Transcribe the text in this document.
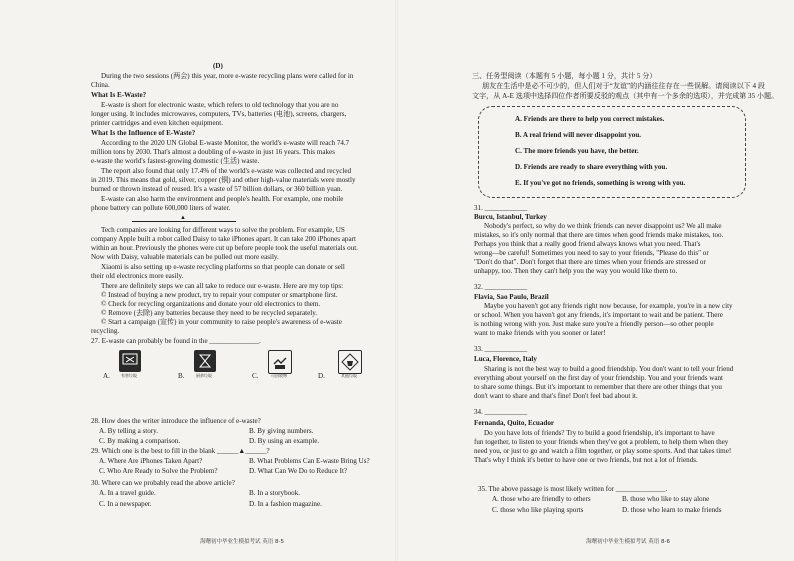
(D)
During the two sessions (两会) this year, more e-waste recycling plans were called for in
China.
What Is E-Waste?
E-waste is short for electronic waste, which refers to old technology that you are no
longer using. It includes microwaves, computers, TVs, batteries (电池), screens, chargers,
printer cartridges and even kitchen equipment.
What Is the Influence of E-Waste?
According to the 2020 UN Global E-waste Monitor, the world's e-waste will reach 74.7
million tons by 2030. That's almost a doubling of e-waste in just 16 years. This makes
e-waste the world's fastest-growing domestic (生活) waste.
The report also found that only 17.4% of the world's e-waste was collected and recycled
in 2019. This means that gold, silver, copper (铜) and other high-value materials were mostly
burned or thrown instead of reused. It's a waste of 57 billion dollars, or 360 billion yuan.
E-waste can also harm the environment and people's health. For example, one mobile
phone battery can pollute 600,000 liters of water.
▲
Tech companies are looking for different ways to solve the problem. For example, US
company Apple built a robot called Daisy to take iPhones apart. It can take 200 iPhones apart
within an hour. Previously the phones were cut up before people took the useful materials out.
Now with Daisy, valuable materials can be pulled out more easily.
Xiaomi is also setting up e-waste recycling platforms so that people can donate or sell
their old electronics more easily.
There are definitely steps we can all take to reduce our e-waste. Here are my top tips:
© Instead of buying a new product, try to repair your computer or smartphone first.
© Check for recycling organizations and donate your old electronics to them.
© Remove (去除) any batteries because they need to be recycled separately.
© Start a campaign (宣传) in your community to raise people's awareness of e-waste
recycling.
27. E-waste can probably be found in the ______________.
A.	有害垃圾	B.	厨余垃圾	C.	可回收物	D.	其他垃圾
28. How does the writer introduce the influence of e-waste?
A. By telling a story.	B. By giving numbers.
C. By making a comparison.	D. By using an example.
29. Which one is the best to fill in the blank ______▲______?
A. Where Are iPhones Taken Apart?	B. What Problems Can E-waste Bring Us?
C. Who Are Ready to Solve the Problem?	D. What Can We Do to Reduce It?
30. Where can we probably read the above article?
A. In a travel guide.	B. In a storybook.
C. In a newspaper.	D. In a fashion magazine.
海曙初中毕业生模拟考试 英语 8-5
三、任务型阅读（本题有 5 小题，每小题 1 分，共计 5 分）
朋友在生活中是必不可少的，但人们对于“友谊”的内涵往往存在一些误解。请阅读以下 4 段
文字，从 A-E 选项中选择四位作者所要反驳的观点（其中有一个多余的选项），并完成第 35 小题。
A. Friends are there to help you correct mistakes.
B. A real friend will never disappoint you.
C. The more friends you have, the better.
D. Friends are ready to share everything with you.
E. If you've got no friends, something is wrong with you.
31. ____________
Burcu, Istanbul, Turkey
Nobody's perfect, so why do we think friends can never disappoint us? We all make
mistakes, so it's only normal that there are times when good friends make mistakes, too.
Perhaps you think that a really good friend always knows what you need. That's
wrong—be careful! Sometimes you need to say to your friends, "Please do this" or
"Don't do that". Don't forget that there are times when your friends are stressed or
unhappy, too. Then they can't help you the way you would like them to.
32. ____________
Flavia, Sao Paulo, Brazil
Maybe you haven't got any friends right now because, for example, you're in a new city
or school. When you haven't got any friends, it's important to wait and be patient. There
is nothing wrong with you. Just make sure you're a friendly person—so other people
want to make friends with you sooner or later!
33. ____________
Luca, Florence, Italy
Sharing is not the best way to build a good friendship. You don't want to tell your friend
everything about yourself on the first day of your friendship. You and your friends want
to share some things. But it's important to remember that there are other things that you
don't want to share and that's fine! Don't feel bad about it.
34. ____________
Fernanda, Quito, Ecuador
Do you have lots of friends? Try to build a good friendship, it's important to have
fun together, to listen to your friends when they've got a problem, to help them when they
need you, or just to go and watch a film together, or play some sports. And that takes time!
That's why I think it's better to have one or two friends, but not a lot of friends.
35. The above passage is most likely written for ______________.
A. those who are friendly to others	B. those who like to stay alone
C. those who like playing sports	D. those who learn to make friends
海曙初中毕业生模拟考试 英语 8-6
